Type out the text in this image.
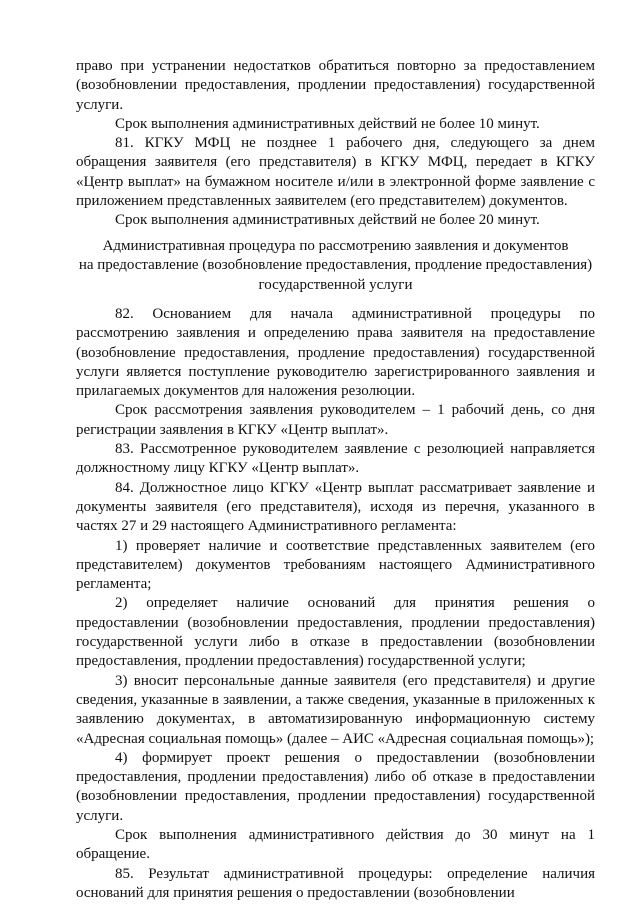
право при устранении недостатков обратиться повторно за предоставлением (возобновлении предоставления, продлении предоставления) государственной услуги.

Срок выполнения административных действий не более 10 минут.

81. КГКУ МФЦ не позднее 1 рабочего дня, следующего за днем обращения заявителя (его представителя) в КГКУ МФЦ, передает в КГКУ «Центр выплат» на бумажном носителе и/или в электронной форме заявление с приложением представленных заявителем (его представителем) документов.

Срок выполнения административных действий не более 20 минут.

Административная процедура по рассмотрению заявления и документов
на предоставление (возобновление предоставления, продление предоставления)
государственной услуги

82. Основанием для начала административной процедуры по рассмотрению заявления и определению права заявителя на предоставление (возобновление предоставления, продление предоставления) государственной услуги является поступление руководителю зарегистрированного заявления и прилагаемых документов для наложения резолюции.

Срок рассмотрения заявления руководителем – 1 рабочий день, со дня регистрации заявления в КГКУ «Центр выплат».

83. Рассмотренное руководителем заявление с резолюцией направляется должностному лицу КГКУ «Центр выплат».

84. Должностное лицо КГКУ «Центр выплат рассматривает заявление и документы заявителя (его представителя), исходя из перечня, указанного в частях 27 и 29 настоящего Административного регламента:

1) проверяет наличие и соответствие представленных заявителем (его представителем) документов требованиям настоящего Административного регламента;

2) определяет наличие оснований для принятия решения о предоставлении (возобновлении предоставления, продлении предоставления) государственной услуги либо в отказе в предоставлении (возобновлении предоставления, продлении предоставления) государственной услуги;

3) вносит персональные данные заявителя (его представителя) и другие сведения, указанные в заявлении, а также сведения, указанные в приложенных к заявлению документах, в автоматизированную информационную систему «Адресная социальная помощь» (далее – АИС «Адресная социальная помощь»);

4) формирует проект решения о предоставлении (возобновлении предоставления, продлении предоставления) либо об отказе в предоставлении (возобновлении предоставления, продлении предоставления) государственной услуги.

Срок выполнения административного действия до 30 минут на 1 обращение.

85. Результат административной процедуры: определение наличия оснований для принятия решения о предоставлении (возобновлении
